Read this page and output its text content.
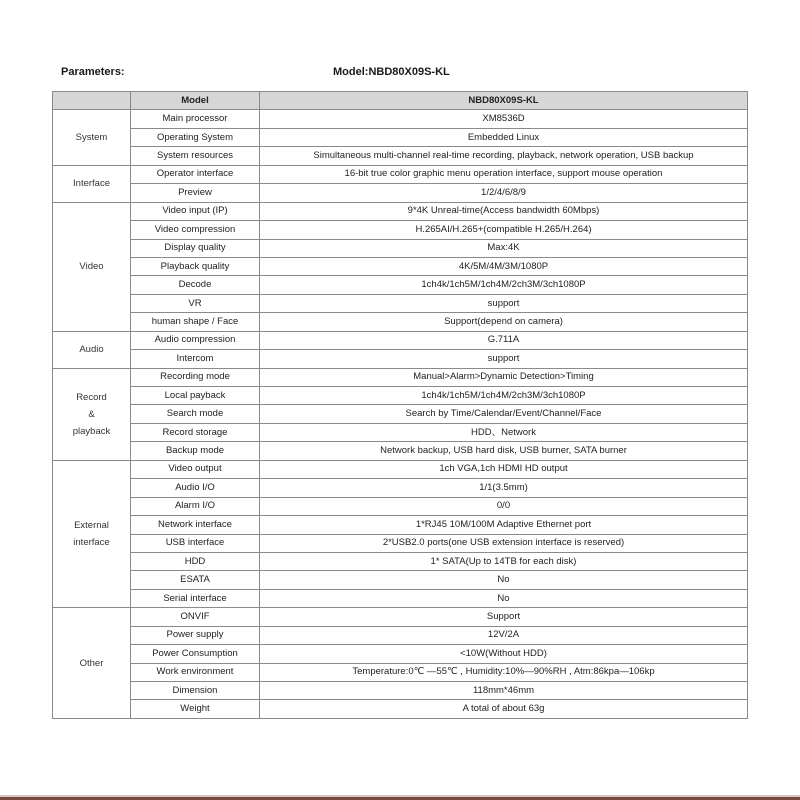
Parameters:	Model:NBD80X09S-KL
	Model	NBD80X09S-KL

System	Main processor	XM8536D
	Operating System	Embedded Linux
	System resources	Simultaneous multi-channel real-time recording, playback, network operation, USB backup

Interface	Operator interface	16-bit true color graphic menu operation interface, support mouse operation
	Preview	1/2/4/6/8/9

Video	Video input (IP)	9*4K Unreal-time(Access bandwidth 60Mbps)
	Video compression	H.265AI/H.265+(compatible H.265/H.264)
	Display quality	Max:4K
	Playback quality	4K/5M/4M/3M/1080P
	Decode	1ch4k/1ch5M/1ch4M/2ch3M/3ch1080P
	VR	support
	human shape / Face	Support(depend on camera)

Audio	Audio compression	G.711A
	Intercom	support

Record
&
playback	Recording mode	Manual>Alarm>Dynamic Detection>Timing
	Local payback	1ch4k/1ch5M/1ch4M/2ch3M/3ch1080P
	Search mode	Search by Time/Calendar/Event/Channel/Face
	Record storage	HDD、Network
	Backup mode	Network backup, USB hard disk, USB burner, SATA burner

External
interface	Video output	1ch VGA,1ch HDMI HD output
	Audio I/O	1/1(3.5mm)
	Alarm I/O	0/0
	Network interface	1*RJ45 10M/100M Adaptive Ethernet port
	USB interface	2*USB2.0 ports(one USB extension interface is reserved)
	HDD	1* SATA(Up to 14TB for each disk)
	ESATA	No
	Serial interface	No

Other	ONVIF	Support
	Power supply	12V/2A
	Power Consumption	<10W(Without HDD)
	Work environment	Temperature:0℃ —55℃ , Humidity:10%—90%RH , Atm:86kpa—106kp
	Dimension	118mm*46mm
	Weight	A total of about 63g
